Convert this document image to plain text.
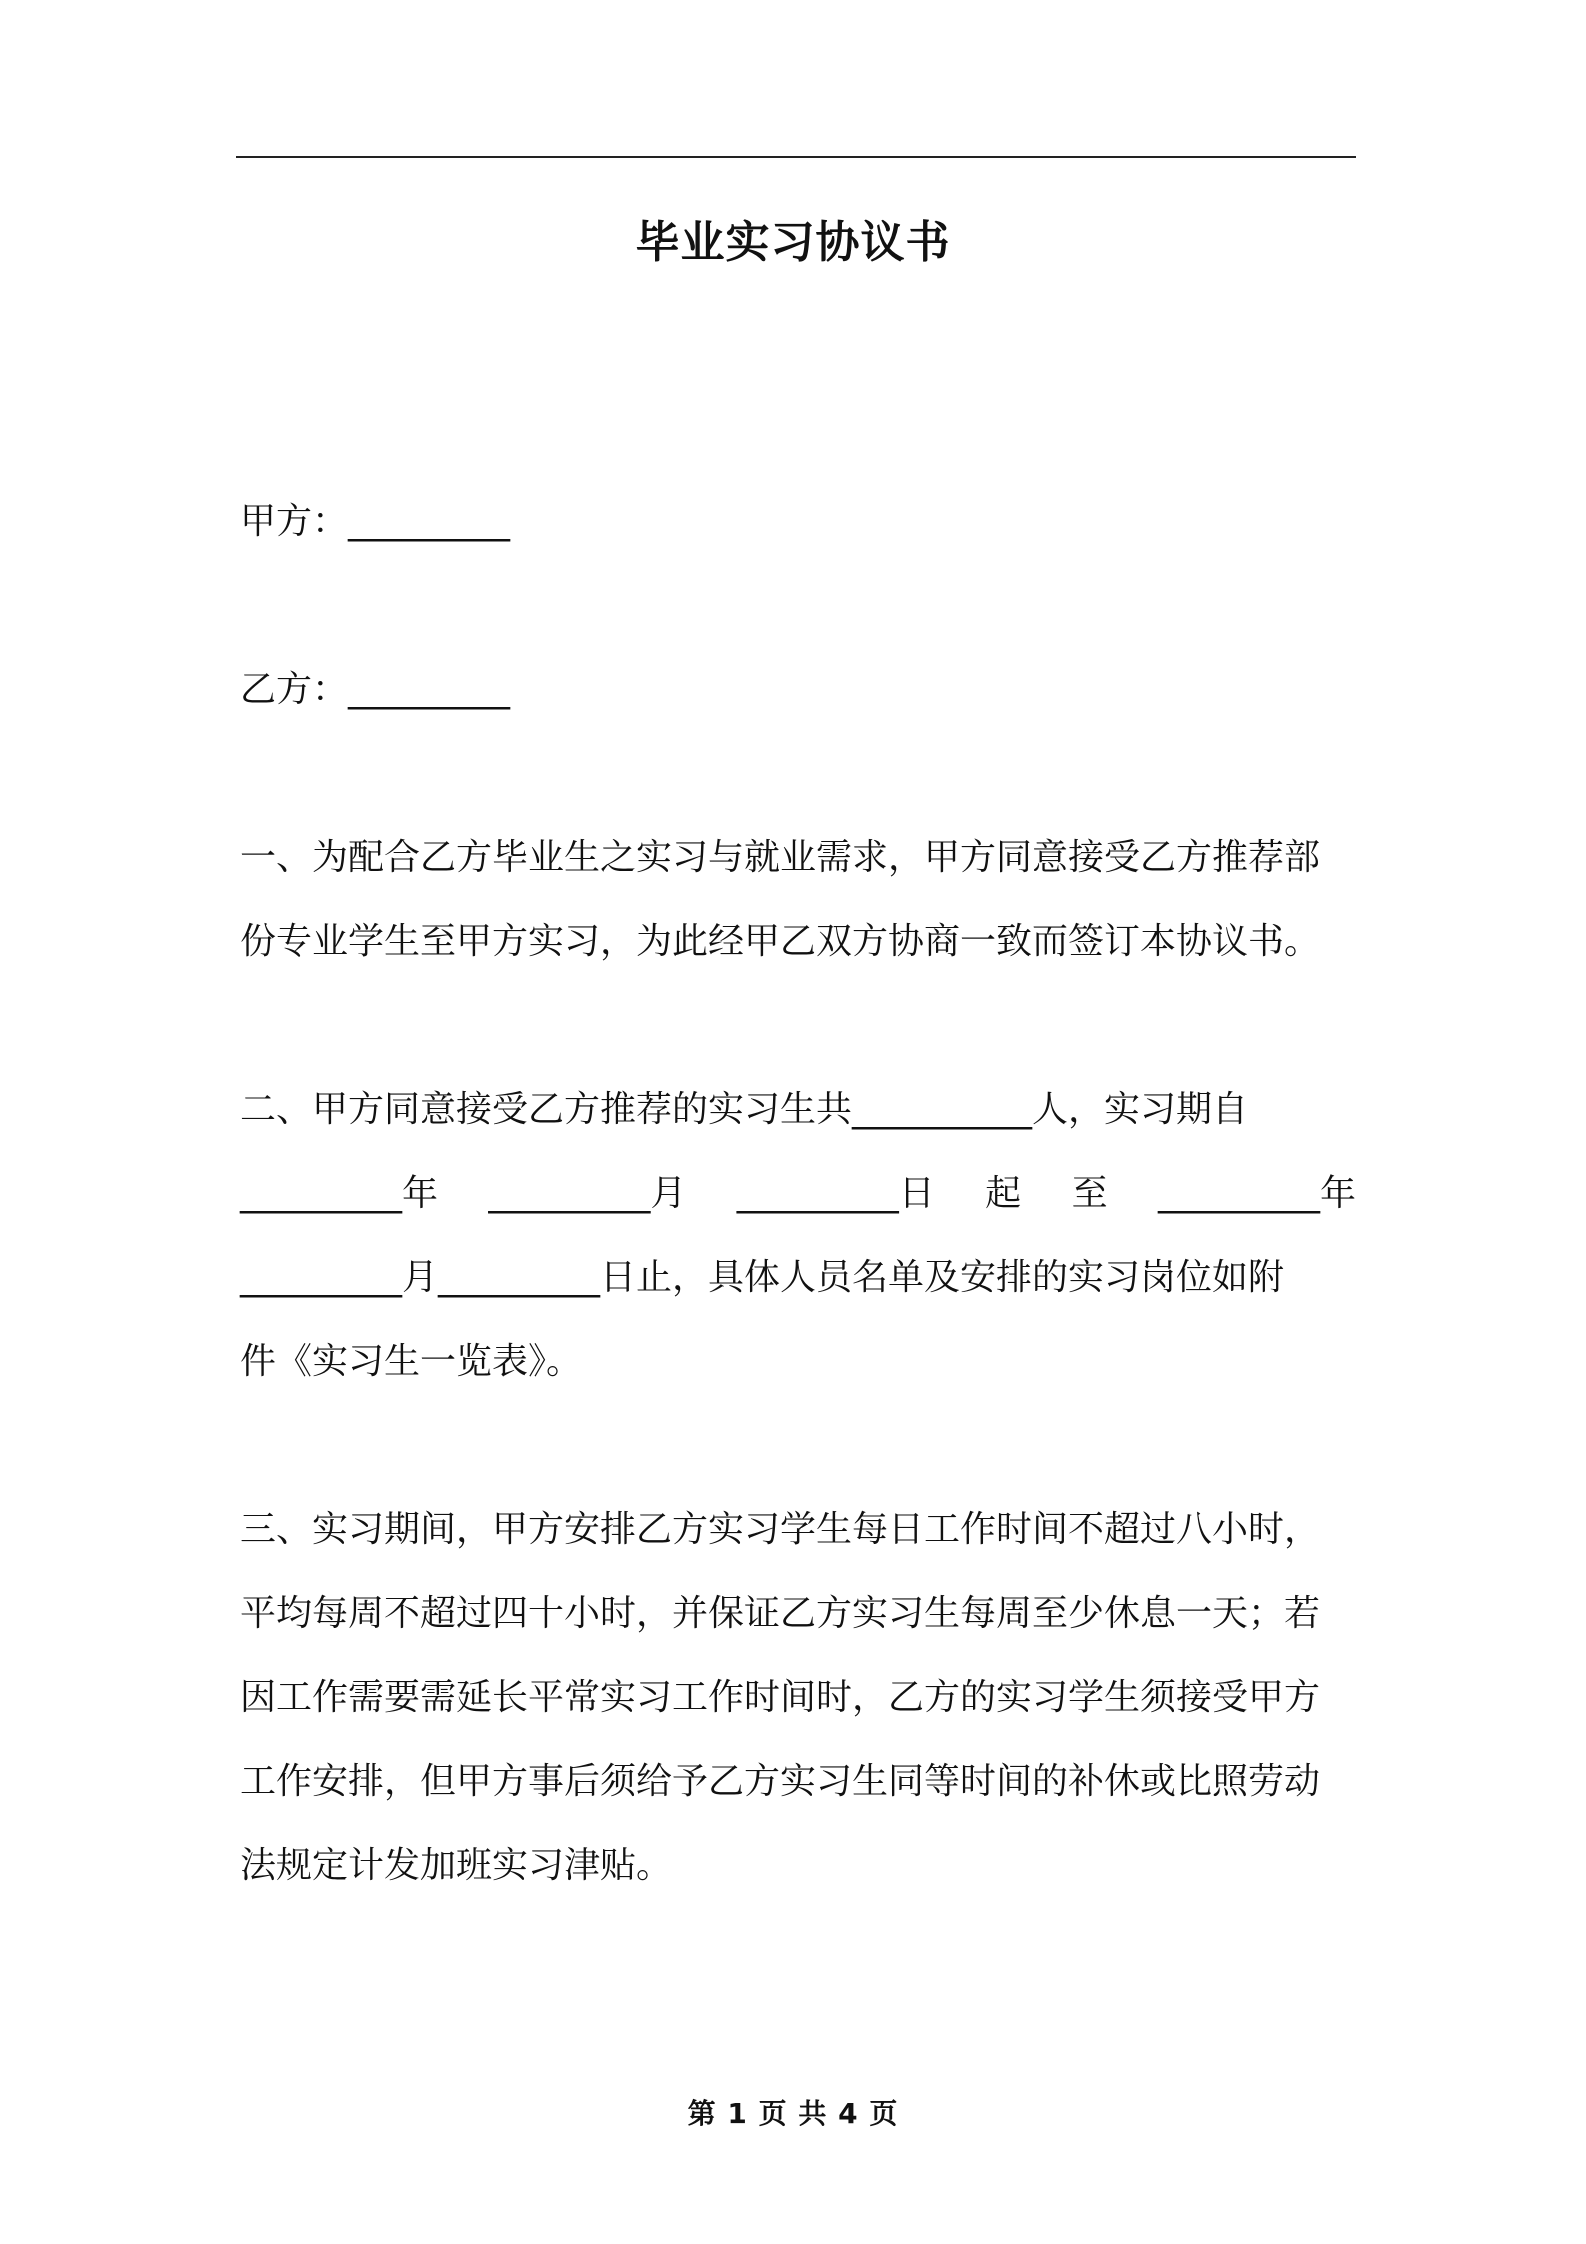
毕业实习协议书
甲方：_________
乙方：_________
一、为配合乙方毕业生之实习与就业需求，甲方同意接受乙方推荐部
份专业学生至甲方实习，为此经甲乙双方协商一致而签订本协议书。
二、甲方同意接受乙方推荐的实习生共__________人，实习期自
_________年 _________月 _________日 起 至 _________年
_________月_________日止，具体人员名单及安排的实习岗位如附
件《实习生一览表》。
三、实习期间，甲方安排乙方实习学生每日工作时间不超过八小时，
平均每周不超过四十小时，并保证乙方实习生每周至少休息一天；若
因工作需要需延长平常实习工作时间时，乙方的实习学生须接受甲方
工作安排，但甲方事后须给予乙方实习生同等时间的补休或比照劳动
法规定计发加班实习津贴。
第 1 页 共 4 页
